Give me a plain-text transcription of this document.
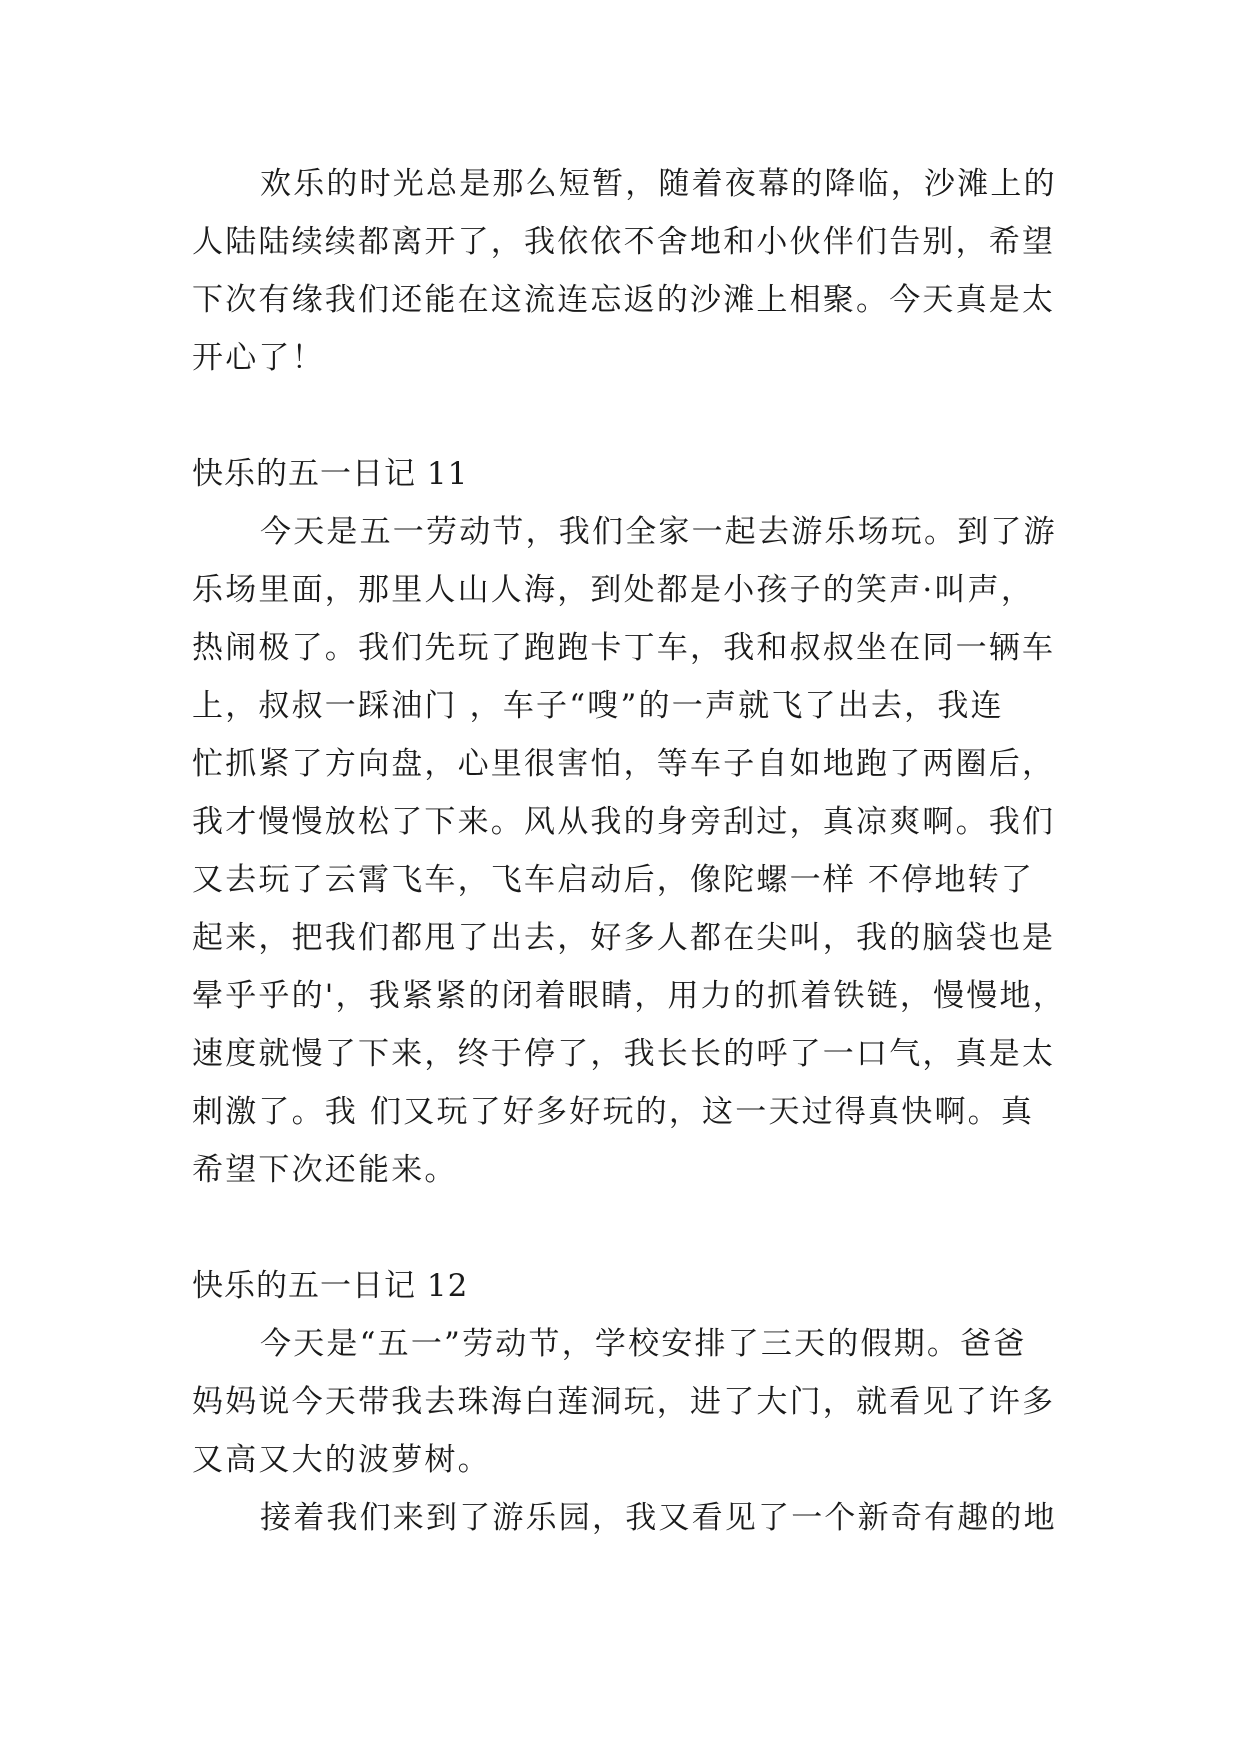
欢乐的时光总是那么短暂，随着夜幕的降临，沙滩上的
人陆陆续续都离开了，我依依不舍地和小伙伴们告别，希望
下次有缘我们还能在这流连忘返的沙滩上相聚。今天真是太
开心了！
快乐的五一日记 11
今天是五一劳动节，我们全家一起去游乐场玩。到了游
乐场里面，那里人山人海，到处都是小孩子的笑声·叫声，
热闹极了。我们先玩了跑跑卡丁车，我和叔叔坐在同一辆车
上，叔叔一踩油门 ，车子“嗖”的一声就飞了出去，我连
忙抓紧了方向盘，心里很害怕，等车子自如地跑了两圈后，
我才慢慢放松了下来。风从我的身旁刮过，真凉爽啊。我们
又去玩了云霄飞车，飞车启动后，像陀螺一样 不停地转了
起来，把我们都甩了出去，好多人都在尖叫，我的脑袋也是
晕乎乎的'，我紧紧的闭着眼睛，用力的抓着铁链，慢慢地，
速度就慢了下来，终于停了，我长长的呼了一口气，真是太
刺激了。我 们又玩了好多好玩的，这一天过得真快啊。真
希望下次还能来。
快乐的五一日记 12
今天是“五一”劳动节，学校安排了三天的假期。爸爸
妈妈说今天带我去珠海白莲洞玩，进了大门，就看见了许多
又高又大的波萝树。
接着我们来到了游乐园，我又看见了一个新奇有趣的地
